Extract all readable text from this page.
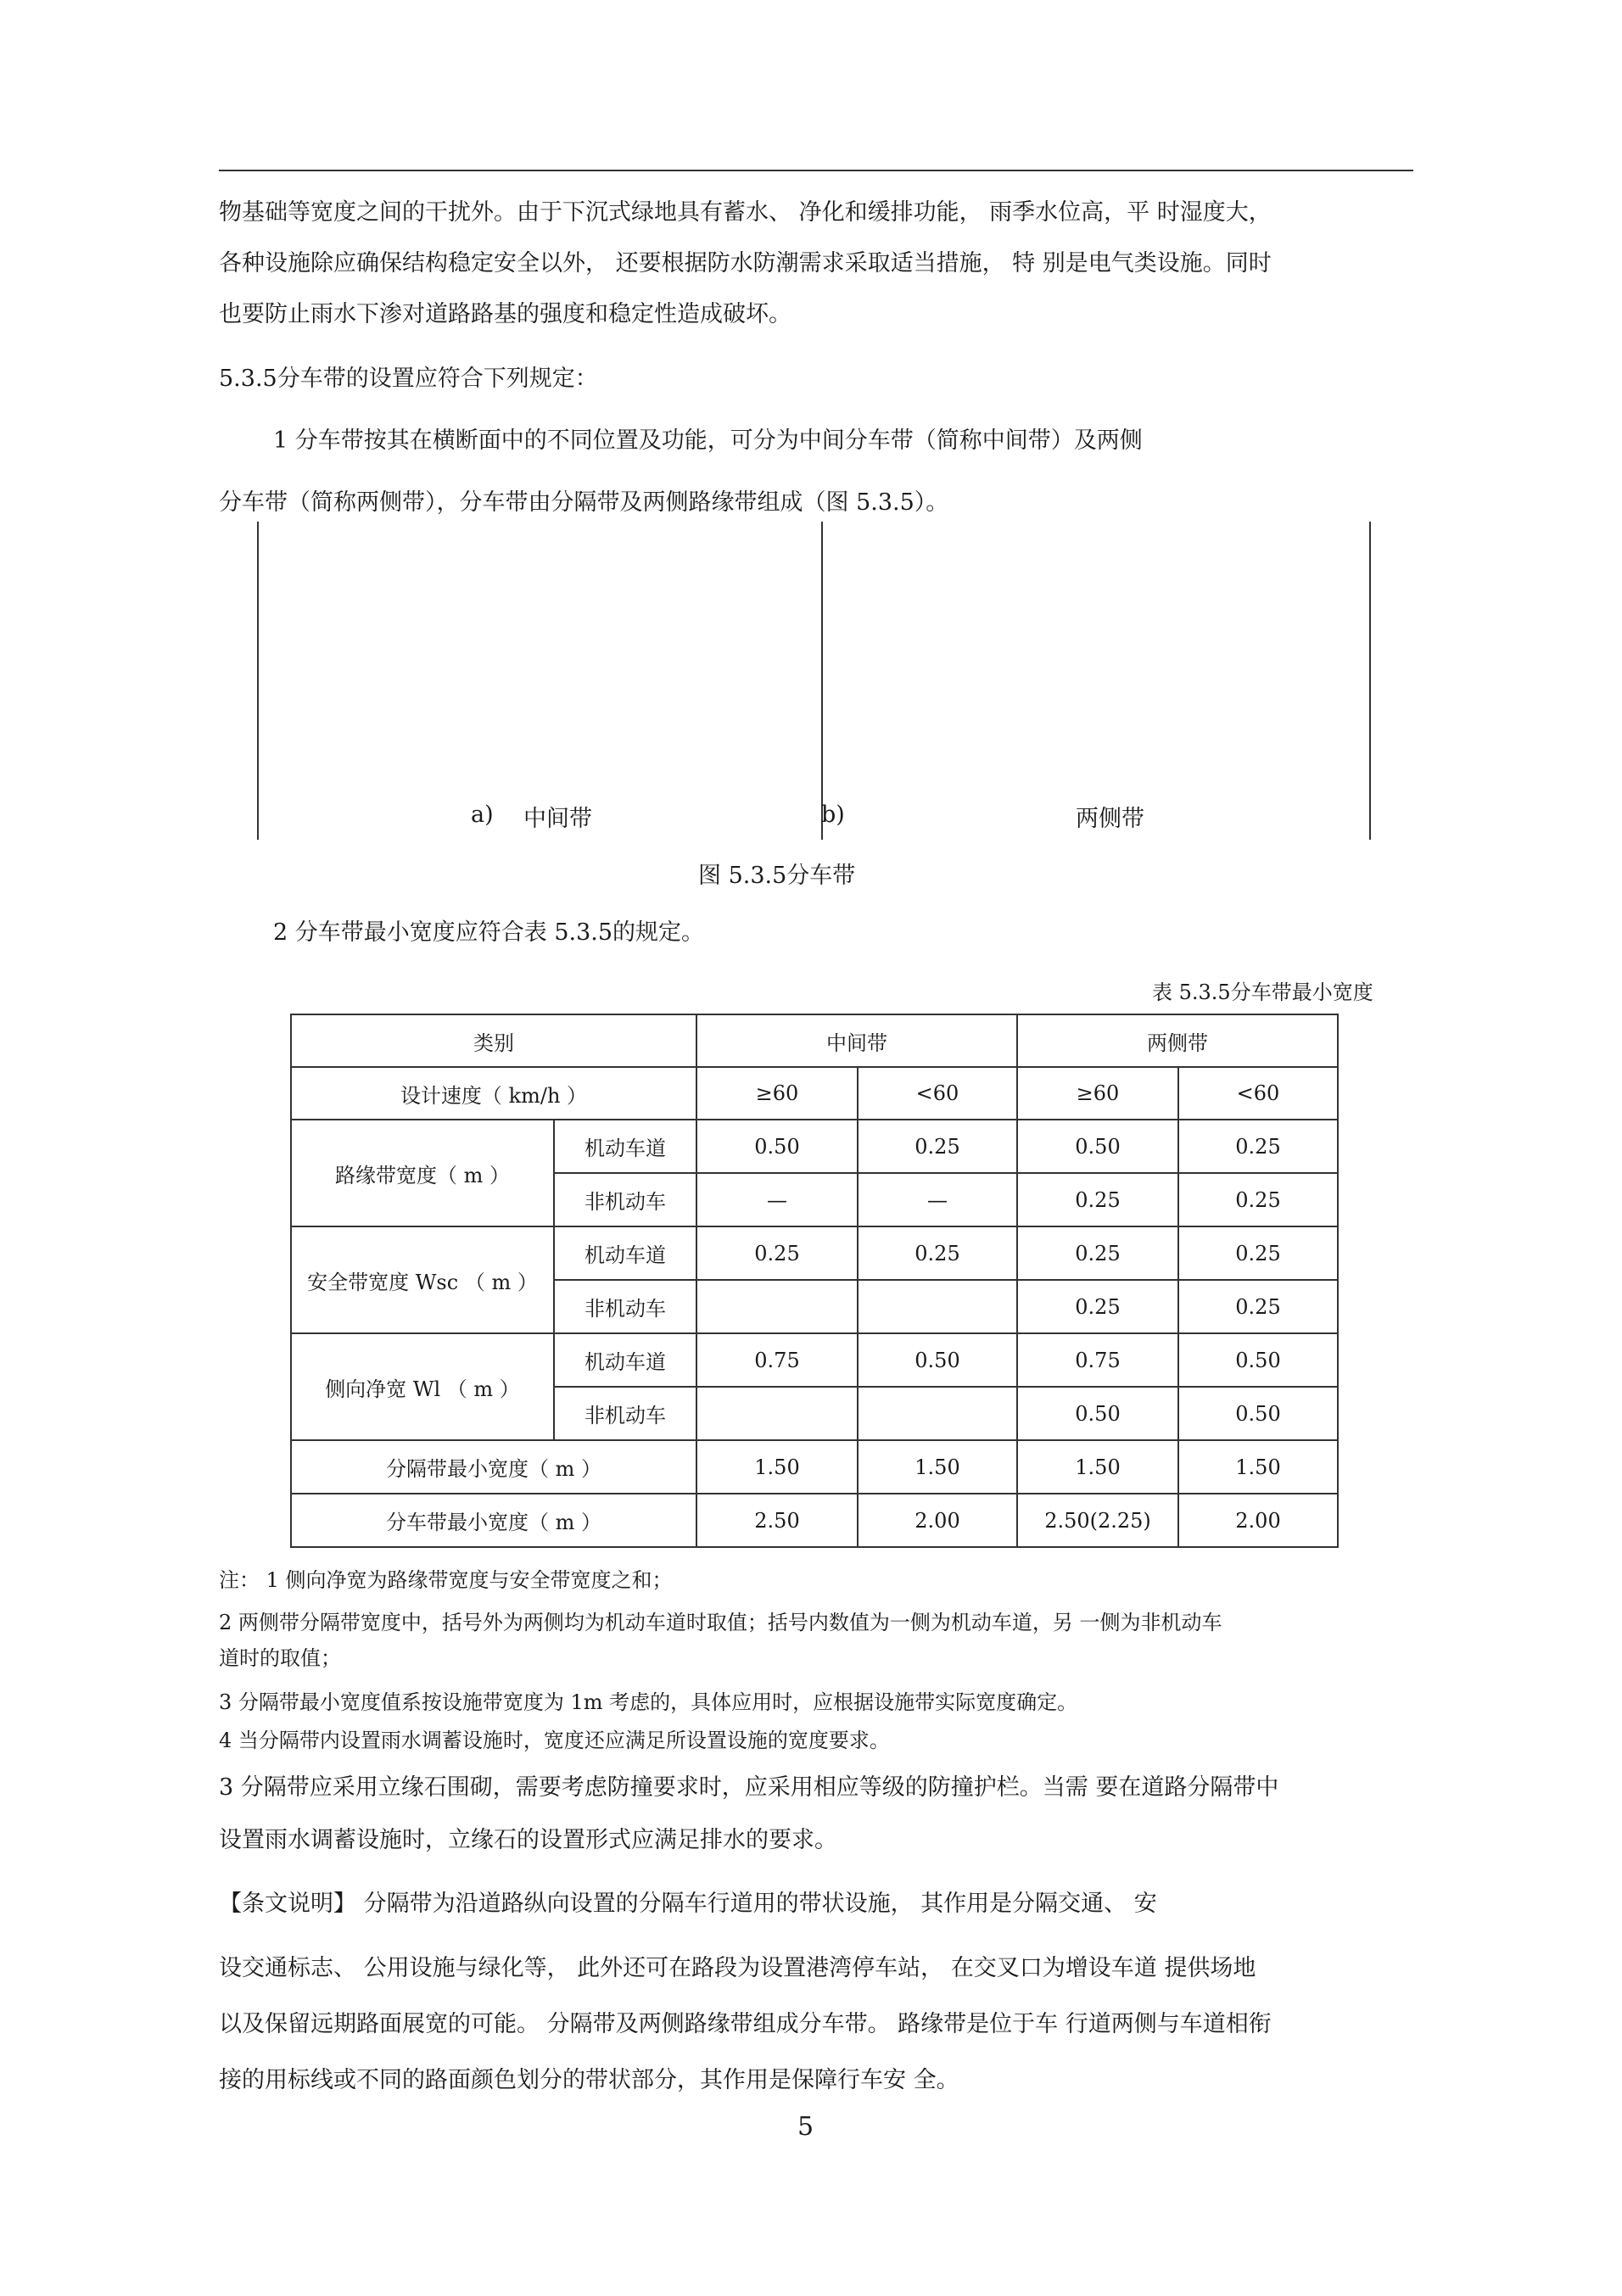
物基础等宽度之间的干扰外。由于下沉式绿地具有蓄水、 净化和缓排功能， 雨季水位高，平 时湿度大，
各种设施除应确保结构稳定安全以外， 还要根据防水防潮需求采取适当措施， 特 别是电气类设施。同时
也要防止雨水下渗对道路路基的强度和稳定性造成破坏。
5.3.5分车带的设置应符合下列规定：
1 分车带按其在横断面中的不同位置及功能，可分为中间分车带（简称中间带）及两侧
分车带（简称两侧带），分车带由分隔带及两侧路缘带组成（图 5.3.5）。
a) 中间带	b)	两侧带
图 5.3.5分车带
2 分车带最小宽度应符合表 5.3.5的规定。
表 5.3.5分车带最小宽度
类别		中间带		两侧带	
设计速度（ km/h ）		≥60	<60	≥60	<60
路缘带宽度（ m ）	机动车道	0.50	0.25	0.50	0.25
	非机动车	—	—	0.25	0.25
安全带宽度 Wsc （ m ）	机动车道	0.25	0.25	0.25	0.25
	非机动车			0.25	0.25
侧向净宽 Wl （ m ）	机动车道	0.75	0.50	0.75	0.50
	非机动车			0.50	0.50
分隔带最小宽度（ m ）		1.50	1.50	1.50	1.50
分车带最小宽度（ m ）		2.50	2.00	2.50(2.25)	2.00
注： 1 侧向净宽为路缘带宽度与安全带宽度之和；
2 两侧带分隔带宽度中，括号外为两侧均为机动车道时取值；括号内数值为一侧为机动车道，另 一侧为非机动车
道时的取值；
3 分隔带最小宽度值系按设施带宽度为 1m 考虑的，具体应用时，应根据设施带实际宽度确定。
4 当分隔带内设置雨水调蓄设施时，宽度还应满足所设置设施的宽度要求。
3 分隔带应采用立缘石围砌，需要考虑防撞要求时，应采用相应等级的防撞护栏。当需 要在道路分隔带中
设置雨水调蓄设施时，立缘石的设置形式应满足排水的要求。
【条文说明】 分隔带为沿道路纵向设置的分隔车行道用的带状设施， 其作用是分隔交通、 安
设交通标志、 公用设施与绿化等， 此外还可在路段为设置港湾停车站， 在交叉口为增设车道 提供场地
以及保留远期路面展宽的可能。 分隔带及两侧路缘带组成分车带。 路缘带是位于车 行道两侧与车道相衔
接的用标线或不同的路面颜色划分的带状部分，其作用是保障行车安 全。
5
